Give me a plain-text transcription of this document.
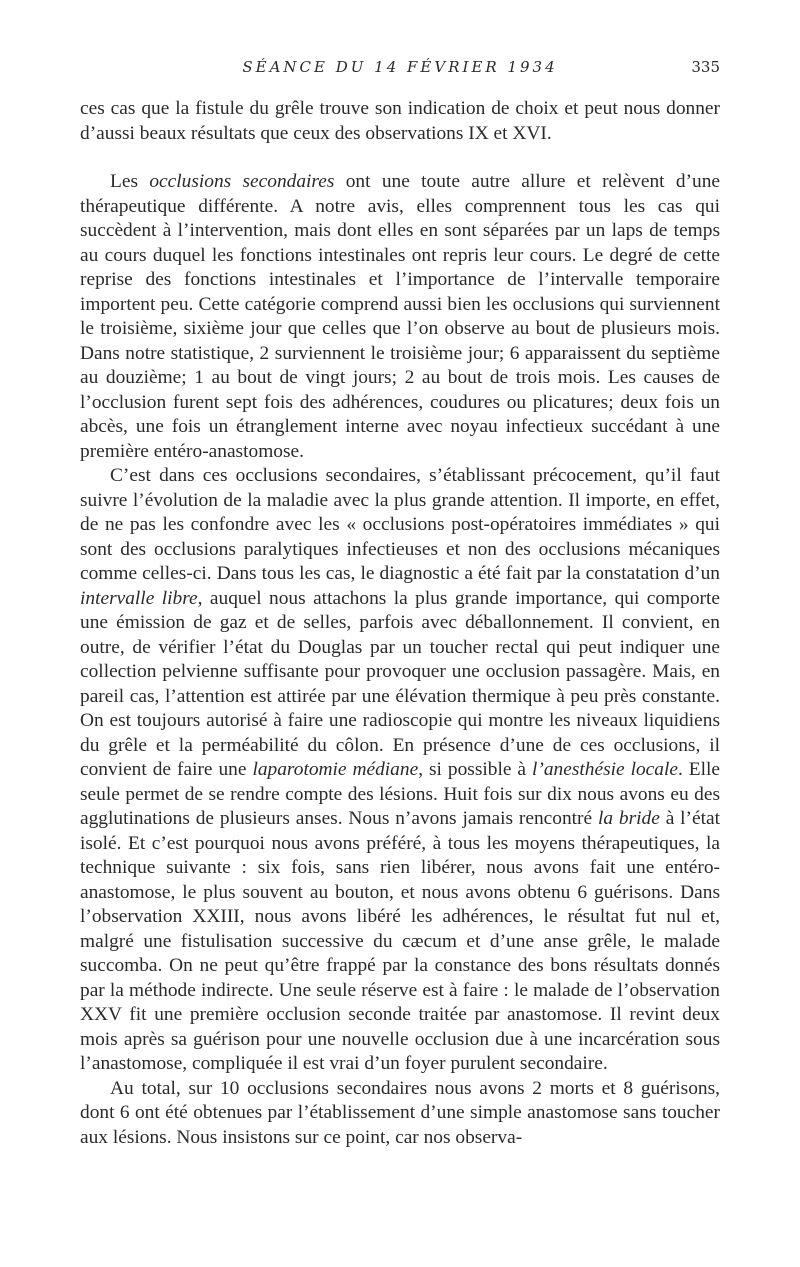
SÉANCE DU 14 FÉVRIER 1934	335

ces cas que la fistule du grêle trouve son indication de choix et peut nous donner d’aussi beaux résultats que ceux des observations IX et XVI.

Les occlusions secondaires ont une toute autre allure et relèvent d’une thérapeutique différente. A notre avis, elles comprennent tous les cas qui succèdent à l’intervention, mais dont elles en sont séparées par un laps de temps au cours duquel les fonctions intestinales ont repris leur cours. Le degré de cette reprise des fonctions intestinales et l’importance de l’intervalle temporaire importent peu. Cette catégorie comprend aussi bien les occlusions qui surviennent le troisième, sixième jour que celles que l’on observe au bout de plusieurs mois. Dans notre statistique, 2 surviennent le troisième jour; 6 apparaissent du septième au douzième; 1 au bout de vingt jours; 2 au bout de trois mois. Les causes de l’occlusion furent sept fois des adhérences, coudures ou plicatures; deux fois un abcès, une fois un étranglement interne avec noyau infectieux succédant à une première entéro-anastomose.

C’est dans ces occlusions secondaires, s’établissant précocement, qu’il faut suivre l’évolution de la maladie avec la plus grande attention. Il importe, en effet, de ne pas les confondre avec les « occlusions post-opératoires immédiates » qui sont des occlusions paralytiques infectieuses et non des occlusions mécaniques comme celles-ci. Dans tous les cas, le diagnostic a été fait par la constatation d’un intervalle libre, auquel nous attachons la plus grande importance, qui comporte une émission de gaz et de selles, parfois avec déballonnement. Il convient, en outre, de vérifier l’état du Douglas par un toucher rectal qui peut indiquer une collection pelvienne suffisante pour provoquer une occlusion passagère. Mais, en pareil cas, l’attention est attirée par une élévation thermique à peu près constante. On est toujours autorisé à faire une radioscopie qui montre les niveaux liquidiens du grêle et la perméabilité du côlon. En présence d’une de ces occlusions, il convient de faire une laparotomie médiane, si possible à l’anesthésie locale. Elle seule permet de se rendre compte des lésions. Huit fois sur dix nous avons eu des agglutinations de plusieurs anses. Nous n’avons jamais rencontré la bride à l’état isolé. Et c’est pourquoi nous avons préféré, à tous les moyens thérapeutiques, la technique suivante : six fois, sans rien libérer, nous avons fait une entéro-anastomose, le plus souvent au bouton, et nous avons obtenu 6 guérisons. Dans l’observation XXIII, nous avons libéré les adhérences, le résultat fut nul et, malgré une fistulisation successive du cæcum et d’une anse grêle, le malade succomba. On ne peut qu’être frappé par la constance des bons résultats donnés par la méthode indirecte. Une seule réserve est à faire : le malade de l’observation XXV fit une première occlusion seconde traitée par anastomose. Il revint deux mois après sa guérison pour une nouvelle occlusion due à une incarcération sous l’anastomose, compliquée il est vrai d’un foyer purulent secondaire.

Au total, sur 10 occlusions secondaires nous avons 2 morts et 8 guérisons, dont 6 ont été obtenues par l’établissement d’une simple anastomose sans toucher aux lésions. Nous insistons sur ce point, car nos observa-
